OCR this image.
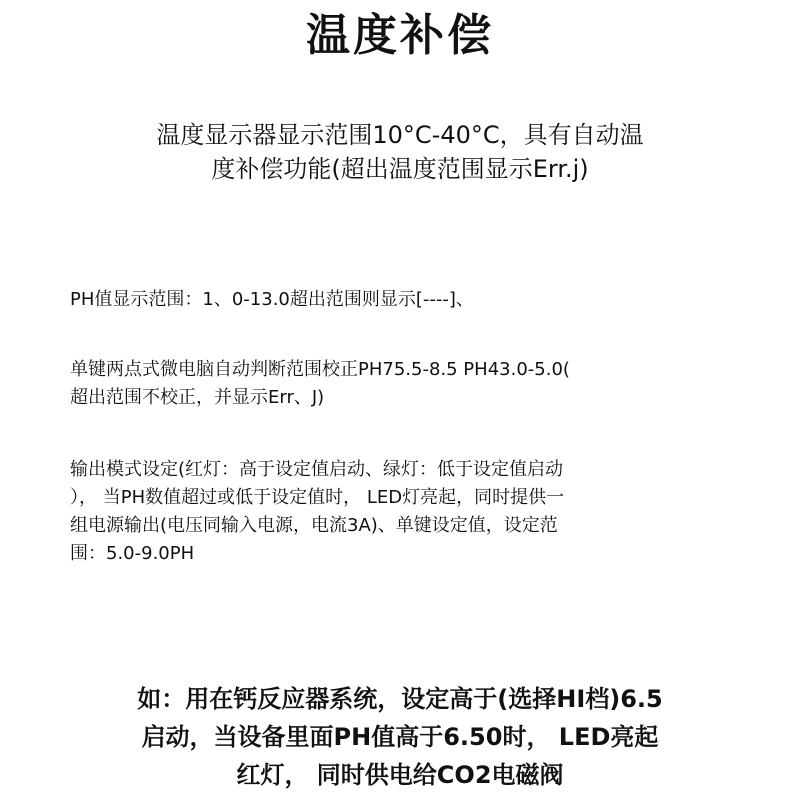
温度补偿
温度显示器显示范围10°C-40°C，具有自动温
度补偿功能(超出温度范围显示Err.j)
PH值显示范围：1、0-13.0超出范围则显示[----]、
单键两点式微电脑自动判断范围校正PH75.5-8.5 PH43.0-5.0(
超出范围不校正，并显示Err、J)
输出模式设定(红灯：高于设定值启动、绿灯：低于设定值启动
）， 当PH数值超过或低于设定值时， LED灯亮起，同时提供一
组电源输出(电压同输入电源，电流3A)、单键设定值，设定范
围：5.0-9.0PH
如：用在钙反应器系统，设定高于(选择HI档)6.5
启动，当设备里面PH值高于6.50时， LED亮起
红灯， 同时供电给CO2电磁阀
